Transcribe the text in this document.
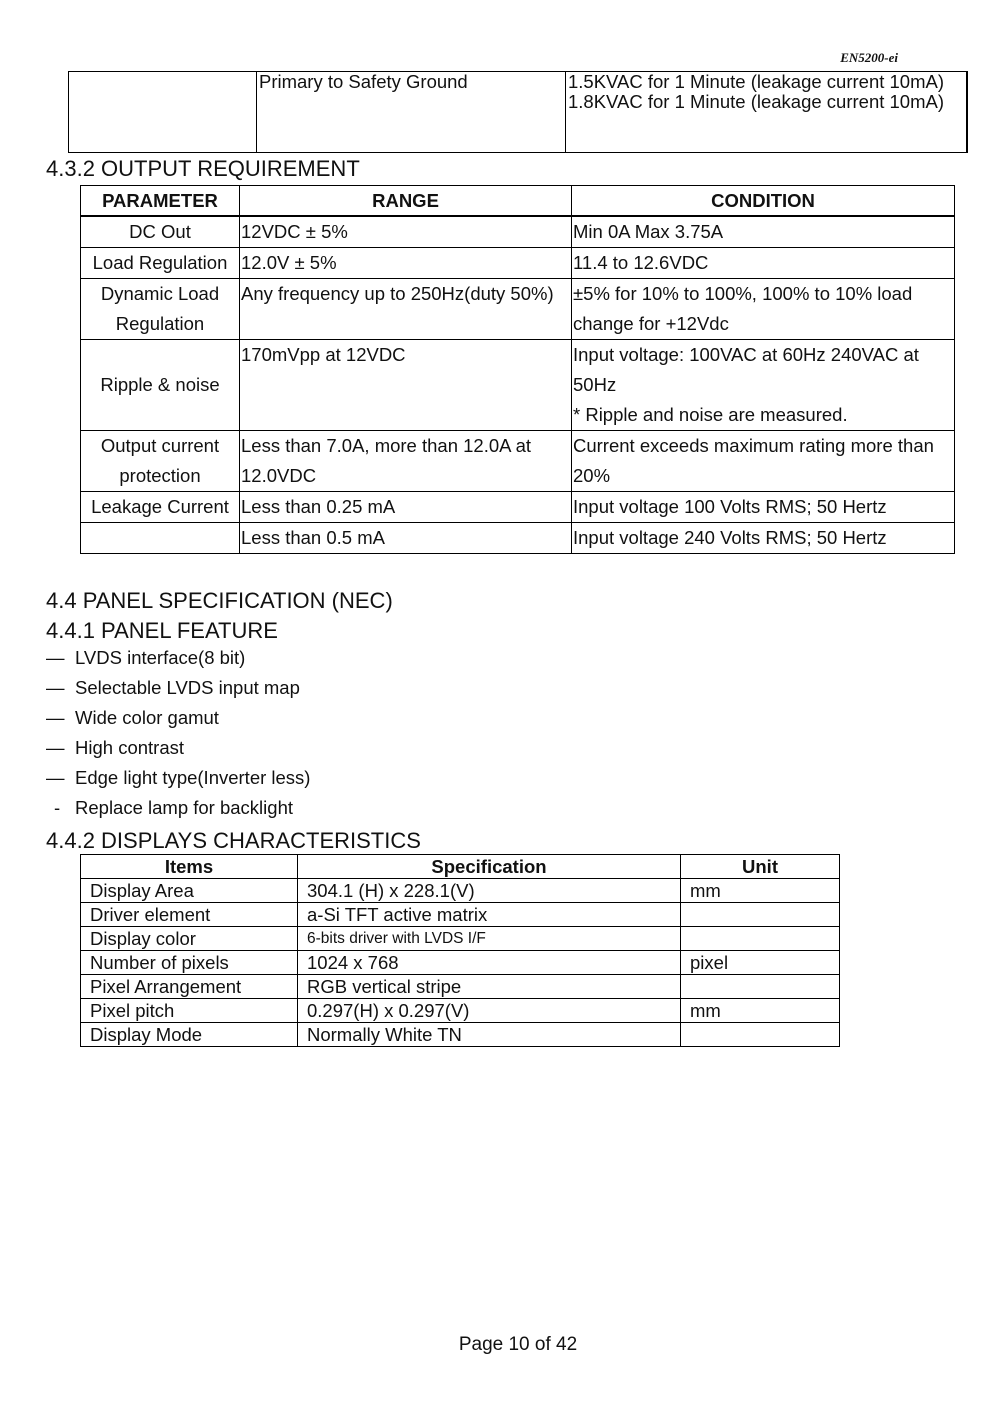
EN5200-ei
	Primary to Safety Ground	1.5KVAC for 1 Minute (leakage current 10mA)
1.8KVAC for 1 Minute (leakage current 10mA)
4.3.2 OUTPUT REQUIREMENT
PARAMETER	RANGE	CONDITION
DC Out	12VDC ± 5%	Min 0A Max 3.75A
Load Regulation	12.0V ± 5%	11.4 to 12.6VDC
Dynamic Load Regulation	Any frequency up to 250Hz(duty 50%)	±5% for 10% to 100%, 100% to 10% load change for +12Vdc
Ripple & noise	170mVpp at 12VDC	Input voltage: 100VAC at 60Hz 240VAC at 50Hz
* Ripple and noise are measured.

Output current protection	Less than 7.0A, more than 12.0A at 12.0VDC	Current exceeds maximum rating more than 20%
Leakage Current	Less than 0.25 mA	Input voltage 100 Volts RMS; 50 Hertz
	Less than 0.5 mA	Input voltage 240 Volts RMS; 50 Hertz
4.4 PANEL SPECIFICATION (NEC)
4.4.1 PANEL FEATURE
— LVDS interface(8 bit)
— Selectable LVDS input map
— Wide color gamut
— High contrast
— Edge light type(Inverter less)
- Replace lamp for backlight
4.4.2 DISPLAYS CHARACTERISTICS
Items	Specification	Unit
Display Area	304.1 (H) x 228.1(V)	mm
Driver element	a-Si TFT active matrix	
Display color	6-bits driver with LVDS I/F	
Number of pixels	1024 x 768	pixel
Pixel Arrangement	RGB vertical stripe	
Pixel pitch	0.297(H) x 0.297(V)	mm
Display Mode	Normally White TN	
Page 10 of 42
